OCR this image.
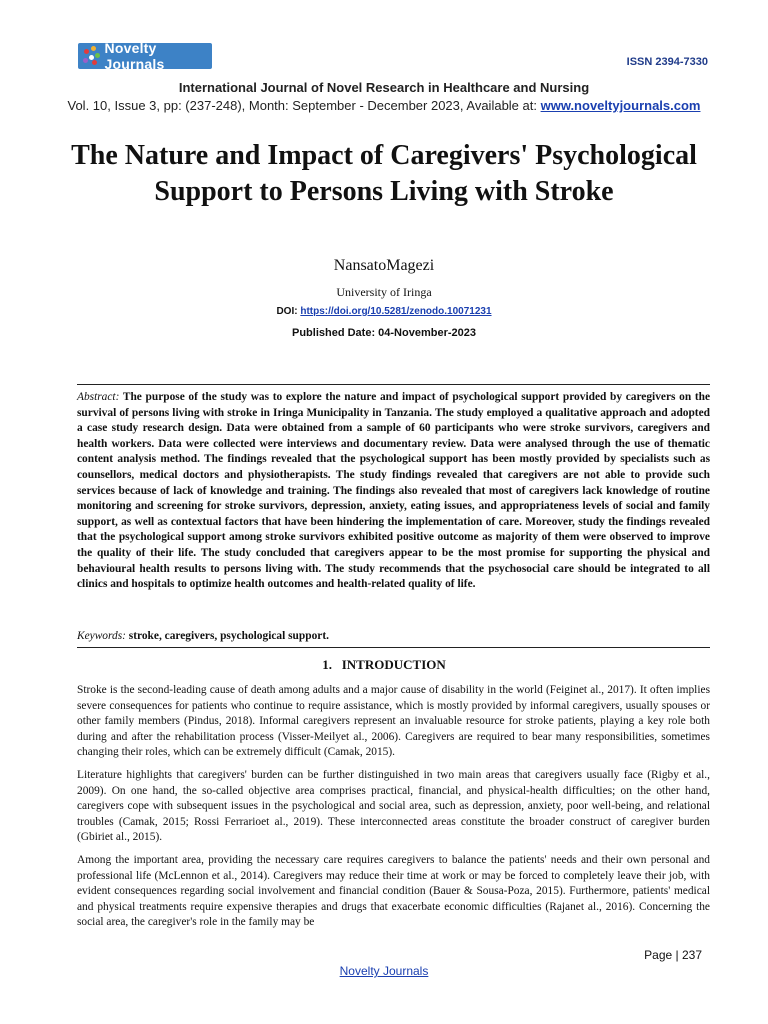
Novelty Journals	ISSN 2394-7330
International Journal of Novel Research in Healthcare and Nursing
Vol. 10, Issue 3, pp: (237-248), Month: September - December 2023, Available at: www.noveltyjournals.com
The Nature and Impact of Caregivers' Psychological Support to Persons Living with Stroke
NansatoMagezi
University of Iringa
DOI: https://doi.org/10.5281/zenodo.10071231
Published Date: 04-November-2023
Abstract: The purpose of the study was to explore the nature and impact of psychological support provided by caregivers on the survival of persons living with stroke in Iringa Municipality in Tanzania. The study employed a qualitative approach and adopted a case study research design. Data were obtained from a sample of 60 participants who were stroke survivors, caregivers and health workers. Data were collected were interviews and documentary review. Data were analysed through the use of thematic content analysis method. The findings revealed that the psychological support has been mostly provided by specialists such as counsellors, medical doctors and physiotherapists. The study findings revealed that caregivers are not able to provide such services because of lack of knowledge and training. The findings also revealed that most of caregivers lack knowledge of routine monitoring and screening for stroke survivors, depression, anxiety, eating issues, and appropriateness levels of social and family support, as well as contextual factors that have been hindering the implementation of care. Moreover, study the findings revealed that the psychological support among stroke survivors exhibited positive outcome as majority of them were observed to improve the quality of their life. The study concluded that caregivers appear to be the most promise for supporting the physical and behavioural health results to persons living with. The study recommends that the psychosocial care should be integrated to all clinics and hospitals to optimize health outcomes and health-related quality of life.
Keywords: stroke, caregivers, psychological support.
1.   INTRODUCTION
Stroke is the second-leading cause of death among adults and a major cause of disability in the world (Feiginet al., 2017). It often implies severe consequences for patients who continue to require assistance, which is mostly provided by informal caregivers, usually spouses or other family members (Pindus, 2018). Informal caregivers represent an invaluable resource for stroke patients, playing a key role both during and after the rehabilitation process (Visser-Meilyet al., 2006). Caregivers are required to bear many responsibilities, sometimes changing their roles, which can be extremely difficult (Camak, 2015).
Literature highlights that caregivers' burden can be further distinguished in two main areas that caregivers usually face (Rigby et al., 2009). On one hand, the so-called objective area comprises practical, financial, and physical-health difficulties; on the other hand, caregivers cope with subsequent issues in the psychological and social area, such as depression, anxiety, poor well-being, and relational troubles (Camak, 2015; Rossi Ferrarioet al., 2019). These interconnected areas constitute the broader construct of caregiver burden (Gbiriet al., 2015).
Among the important area, providing the necessary care requires caregivers to balance the patients' needs and their own personal and professional life (McLennon et al., 2014). Caregivers may reduce their time at work or may be forced to completely leave their job, with evident consequences regarding social involvement and financial condition (Bauer & Sousa-Poza, 2015). Furthermore, patients' medical and physical treatments require expensive therapies and drugs that exacerbate economic difficulties (Rajanet al., 2016). Concerning the social area, the caregiver's role in the family may be
Page | 237
Novelty Journals
